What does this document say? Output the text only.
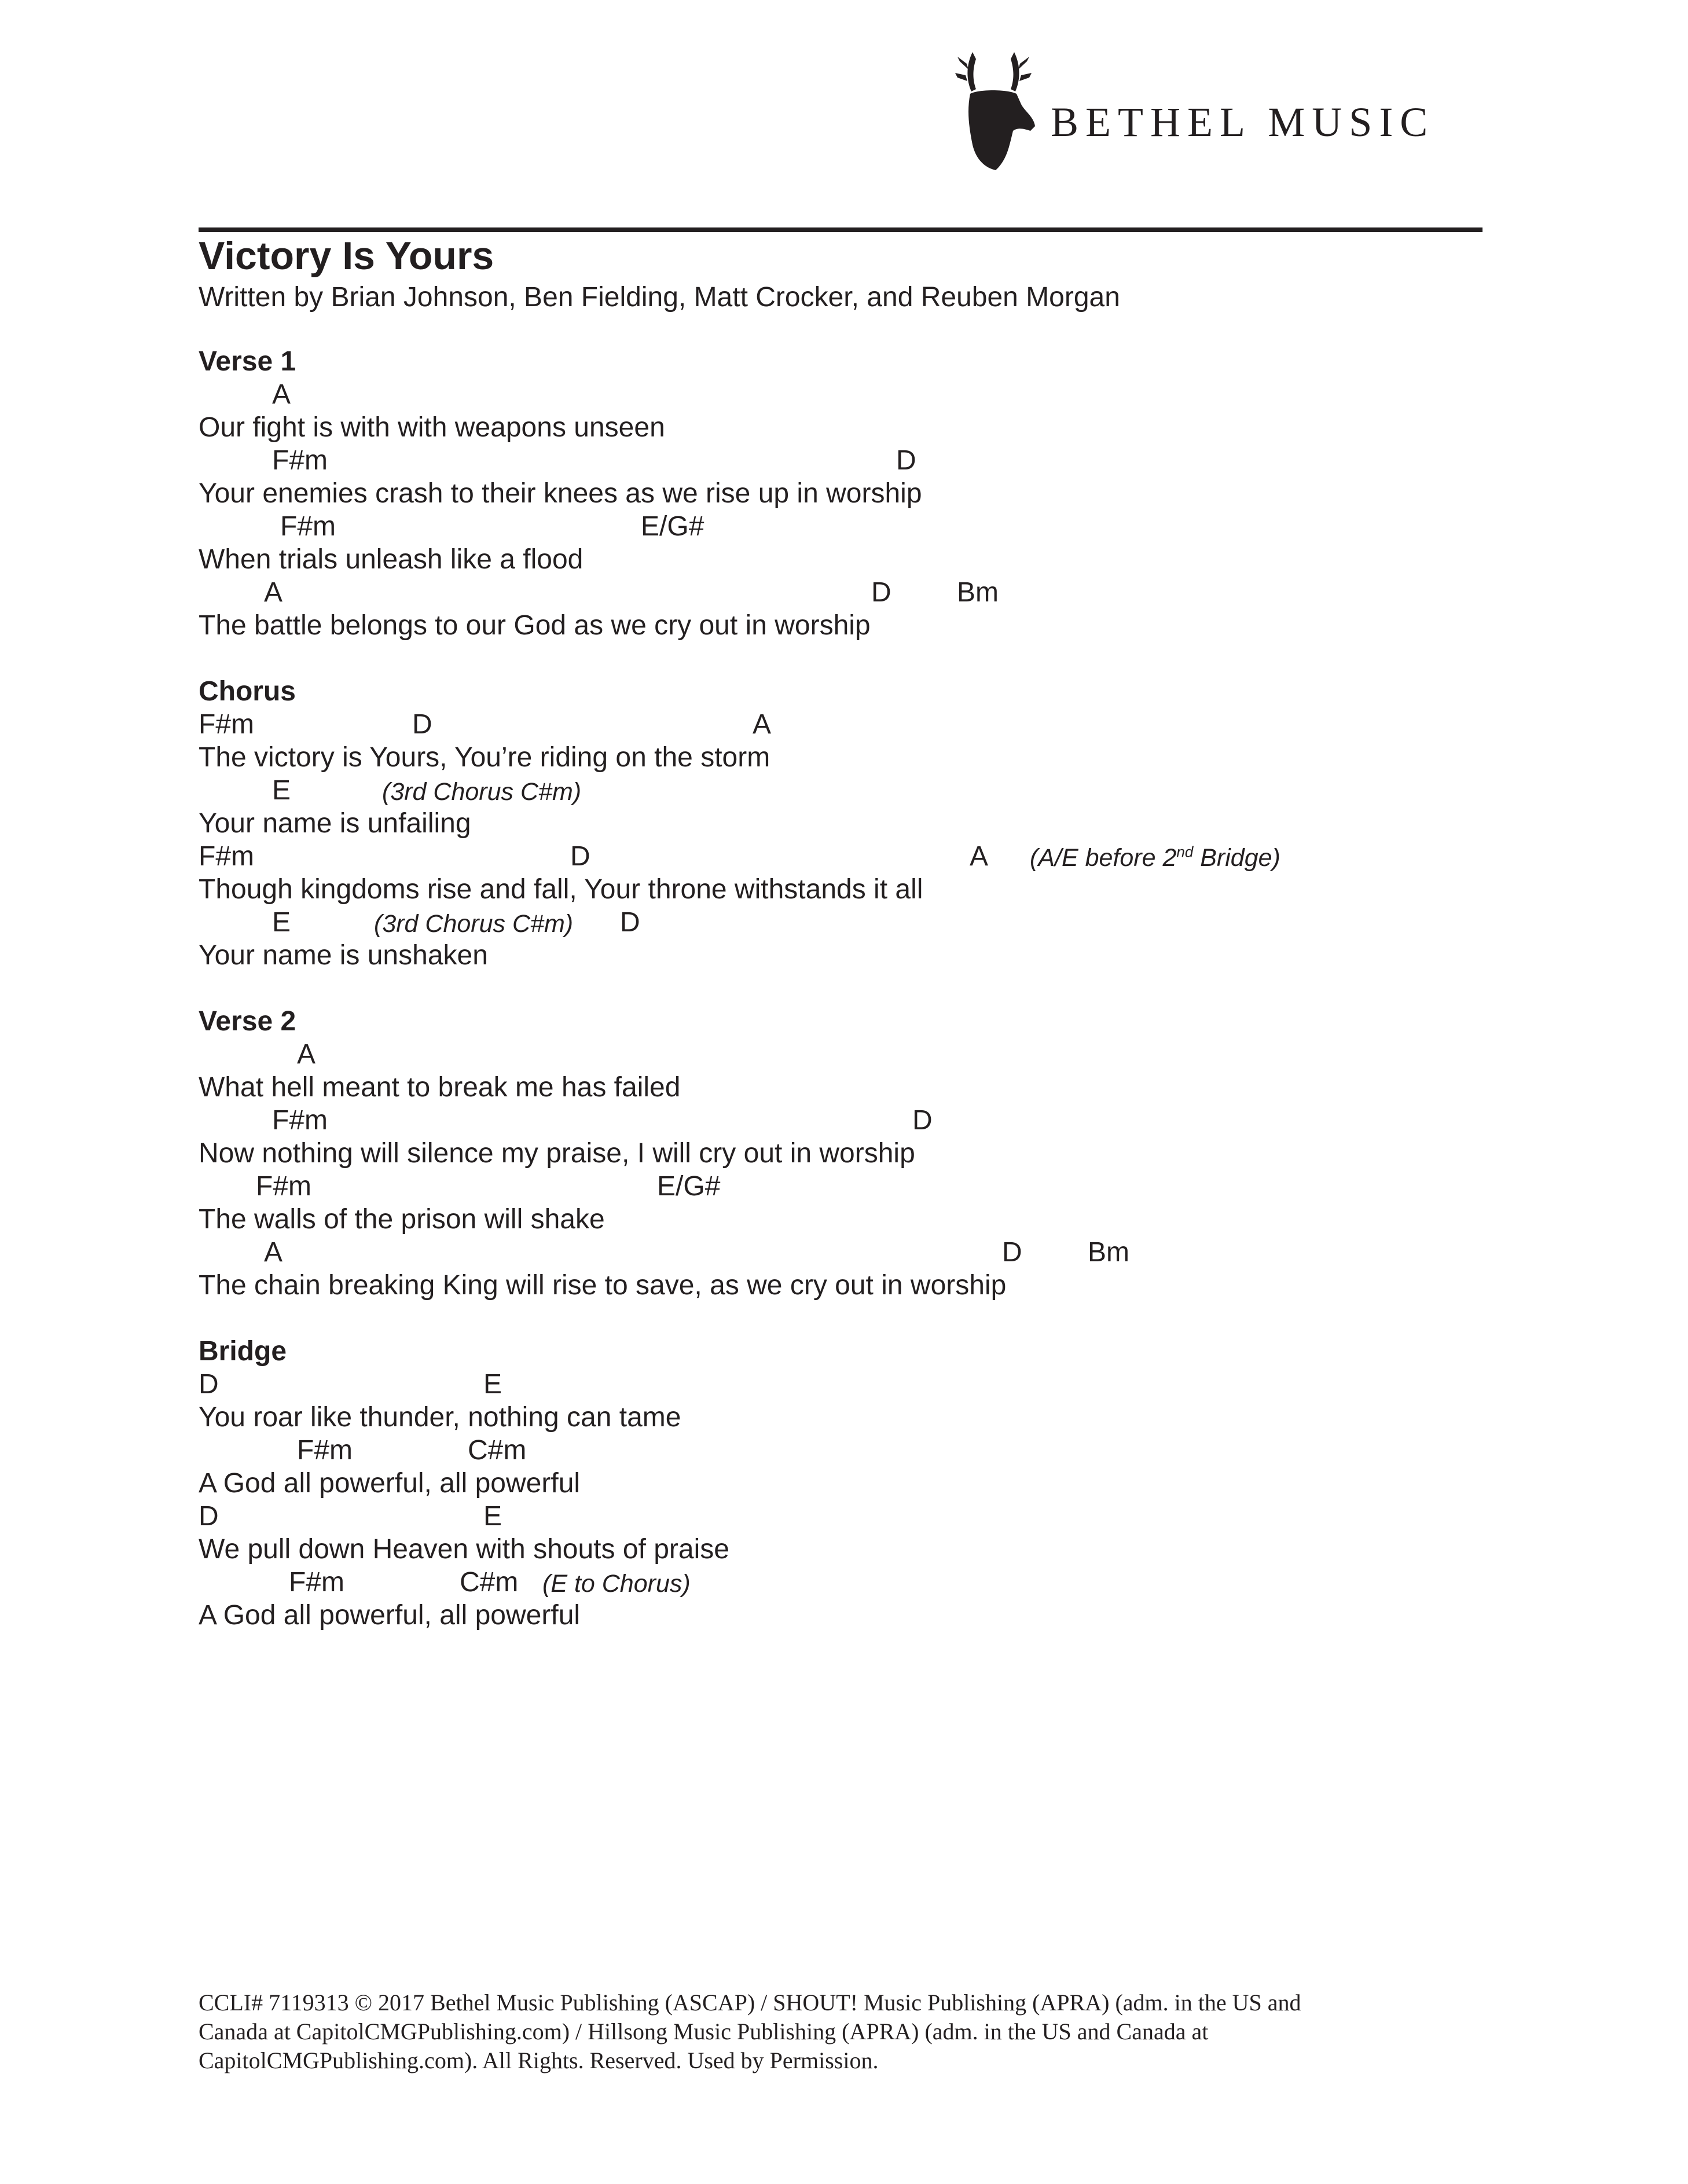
BETHEL MUSIC
Victory Is Yours
Written by Brian Johnson, Ben Fielding, Matt Crocker, and Reuben Morgan
Verse 1

A

Our fight is with with weapons unseen

F#m

	D

Your enemies crash to their knees as we rise up in worship

F#m

	E/G#

When trials unleash like a flood

A

	D

Bm

The battle belongs to our God as we cry out in worship
Chorus

F#m

	D

	A

The victory is Yours, You’re riding on the storm

E

	(3rd Chorus C#m)

Your name is unfailing

F#m

	D

	A

(A/E before 2nd Bridge)

Though kingdoms rise and fall, Your throne withstands it all

E

	(3rd Chorus C#m)

D

Your name is unshaken
Verse 2

A

What hell meant to break me has failed

F#m

	D

Now nothing will silence my praise, I will cry out in worship

F#m

	E/G#

The walls of the prison will shake

A

	D

Bm

The chain breaking King will rise to save, as we cry out in worship
Bridge

D

	E

You roar like thunder, nothing can tame

F#m

	C#m

A God all powerful, all powerful

D

	E

We pull down Heaven with shouts of praise

F#m

	C#m

(E to Chorus)

A God all powerful, all powerful
CCLI# 7119313 © 2017 Bethel Music Publishing (ASCAP) / SHOUT! Music Publishing (APRA) (adm. in the US and
Canada at CapitolCMGPublishing.com) / Hillsong Music Publishing (APRA) (adm. in the US and Canada at
CapitolCMGPublishing.com). All Rights. Reserved. Used by Permission.
